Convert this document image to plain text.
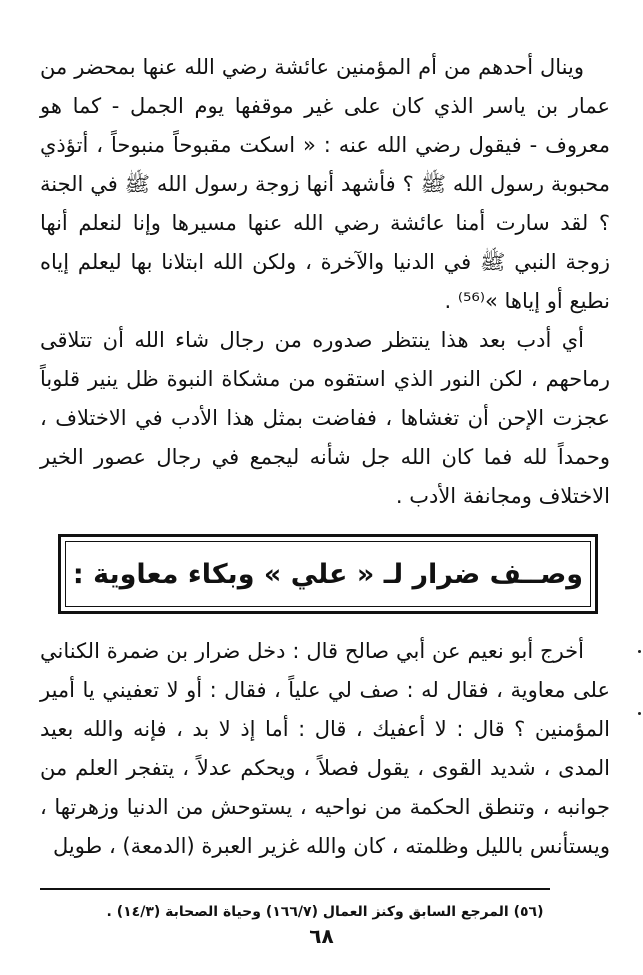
وينال أحدهم من أم المؤمنين عائشة رضي الله عنها بمحضر من عمار بن ياسر الذي كان على غير موقفها يوم الجمل - كما هو معروف - فيقول رضي الله عنه : « اسكت مقبوحاً منبوحاً ، أتؤذي محبوبة رسول الله ﷺ ؟ فأشهد أنها زوجة رسول الله ﷺ في الجنة ؟ لقد سارت أمنا عائشة رضي الله عنها مسيرها وإنا لنعلم أنها زوجة النبي ﷺ في الدنيا والآخرة ، ولكن الله ابتلانا بها ليعلم إياه نطيع أو إياها »⁽⁵⁶⁾ .

أي أدب بعد هذا ينتظر صدوره من رجال شاء الله أن تتلاقى رماحهم ، لكن النور الذي استقوه من مشكاة النبوة ظل ينير قلوباً عجزت الإحن أن تغشاها ، ففاضت بمثل هذا الأدب في الاختلاف ، وحمداً لله فما كان الله جل شأنه ليجمع في رجال عصور الخير الاختلاف ومجانفة الأدب .

وصــف ضرار لـ « علي » وبكاء معاوية :

أخرج أبو نعيم عن أبي صالح قال : دخل ضرار بن ضمرة الكناني على معاوية ، فقال له : صف لي علياً ، فقال : أو لا تعفيني يا أمير المؤمنين ؟ قال : لا أعفيك ، قال : أما إذ لا بد ، فإنه والله بعيد المدى ، شديد القوى ، يقول فصلاً ، ويحكم عدلاً ، يتفجر العلم من جوانبه ، وتنطق الحكمة من نواحيه ، يستوحش من الدنيا وزهرتها ، ويستأنس بالليل وظلمته ، كان والله غزير العبرة (الدمعة) ، طويل

(٥٦) المرجع السابق وكنز العمال (١٦٦/٧) وحياة الصحابة (١٤/٣) .

٦٨
